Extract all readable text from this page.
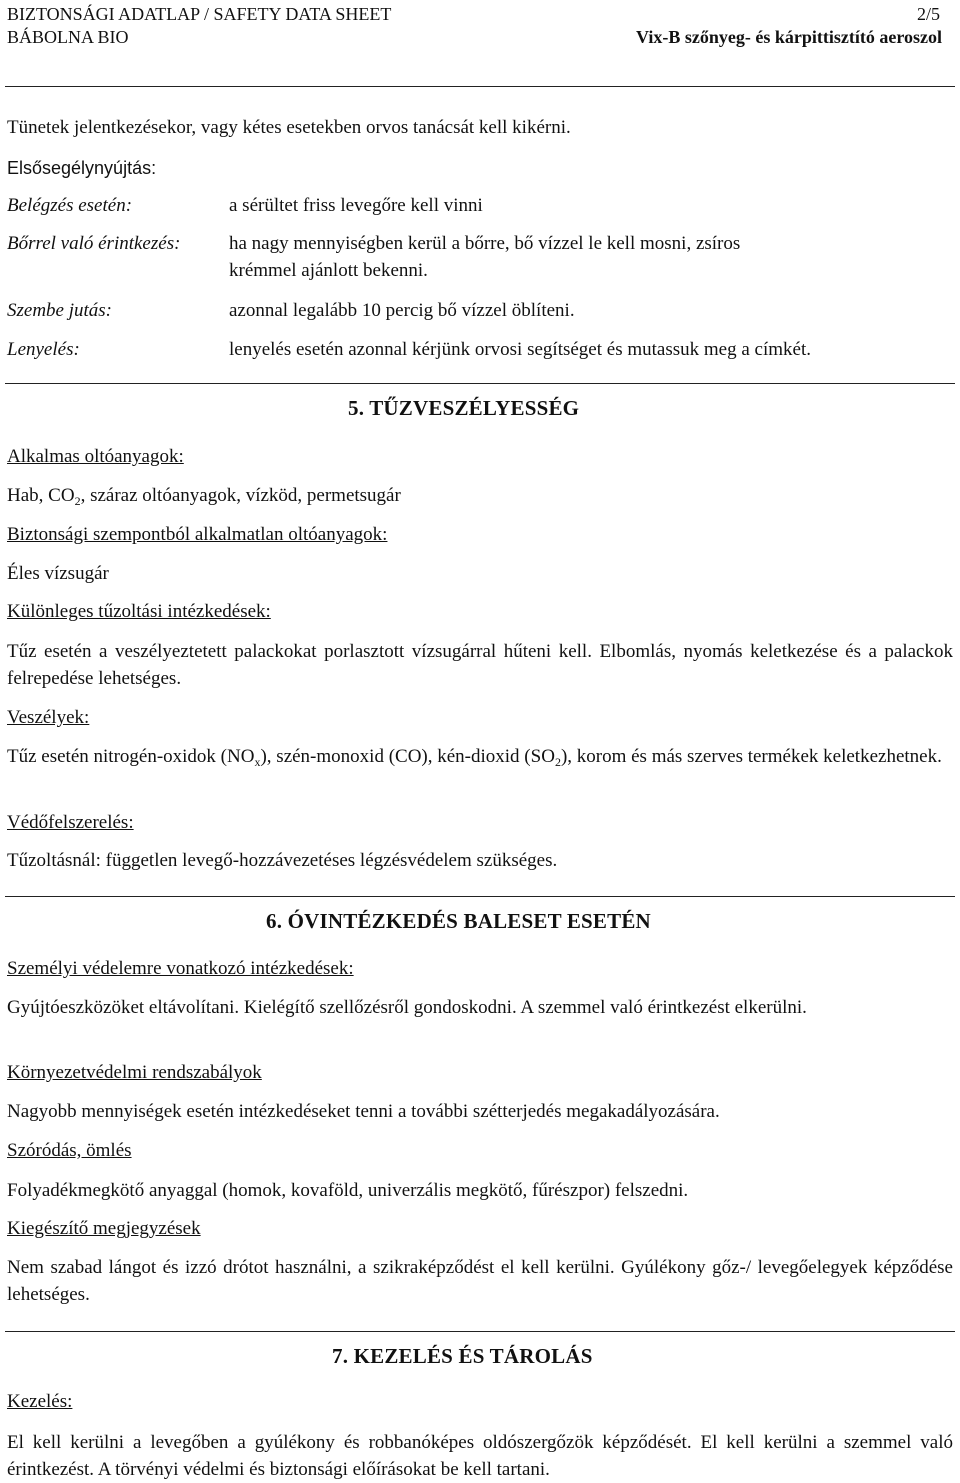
BIZTONSÁGI ADATLAP / SAFETY DATA SHEET	2/5
BÁBOLNA BIO	Vix-B szőnyeg- és kárpittisztító aeroszol
Tünetek jelentkezésekor, vagy kétes esetekben orvos tanácsát kell kikérni.
Elsősegélynyújtás:
Belégzés esetén:	a sérültet friss levegőre kell vinni
Bőrrel való érintkezés:	ha nagy mennyiségben kerül a bőrre, bő vízzel le kell mosni, zsíros
krémmel ajánlott bekenni.
Szembe jutás:	azonnal legalább 10 percig bő vízzel öblíteni.
Lenyelés:	lenyelés esetén azonnal kérjünk orvosi segítséget és mutassuk meg a címkét.
5. TŰZVESZÉLYESSÉG
Alkalmas oltóanyagok:
Hab, $CO_2$, száraz oltóanyagok, vízköd, permetsugár
Biztonsági szempontból alkalmatlan oltóanyagok:
Éles vízsugár
Különleges tűzoltási intézkedések:
Tűz esetén a veszélyeztetett palackokat porlasztott vízsugárral hűteni kell. Elbomlás, nyomás keletkezése és a palackok felrepedése lehetséges.
Veszélyek:
Tűz esetén nitrogén-oxidok $(NO_x)$, szén-monoxid (CO), kén-dioxid $(SO_2)$, korom és más szerves termékek keletkezhetnek.
Védőfelszerelés:
Tűzoltásnál: független levegő-hozzávezetéses légzésvédelem szükséges.
6. ÓVINTÉZKEDÉS BALESET ESETÉN
Személyi védelemre vonatkozó intézkedések:
Gyújtóeszközöket eltávolítani. Kielégítő szellőzésről gondoskodni. A szemmel való érintkezést elkerülni.
Környezetvédelmi rendszabályok
Nagyobb mennyiségek esetén intézkedéseket tenni a további szétterjedés megakadályozására.
Szóródás, ömlés
Folyadékmegkötő anyaggal (homok, kovaföld, univerzális megkötő, fűrészpor) felszedni.
Kiegészítő megjegyzések
Nem szabad lángot és izzó drótot használni, a szikraképződést el kell kerülni. Gyúlékony gőz-/ levegőelegyek képződése lehetséges.
7. KEZELÉS ÉS TÁROLÁS
Kezelés:
El kell kerülni a levegőben a gyúlékony és robbanóképes oldószergőzök képződését. El kell kerülni a szemmel való érintkezést. A törvényi védelmi és biztonsági előírásokat be kell tartani.
